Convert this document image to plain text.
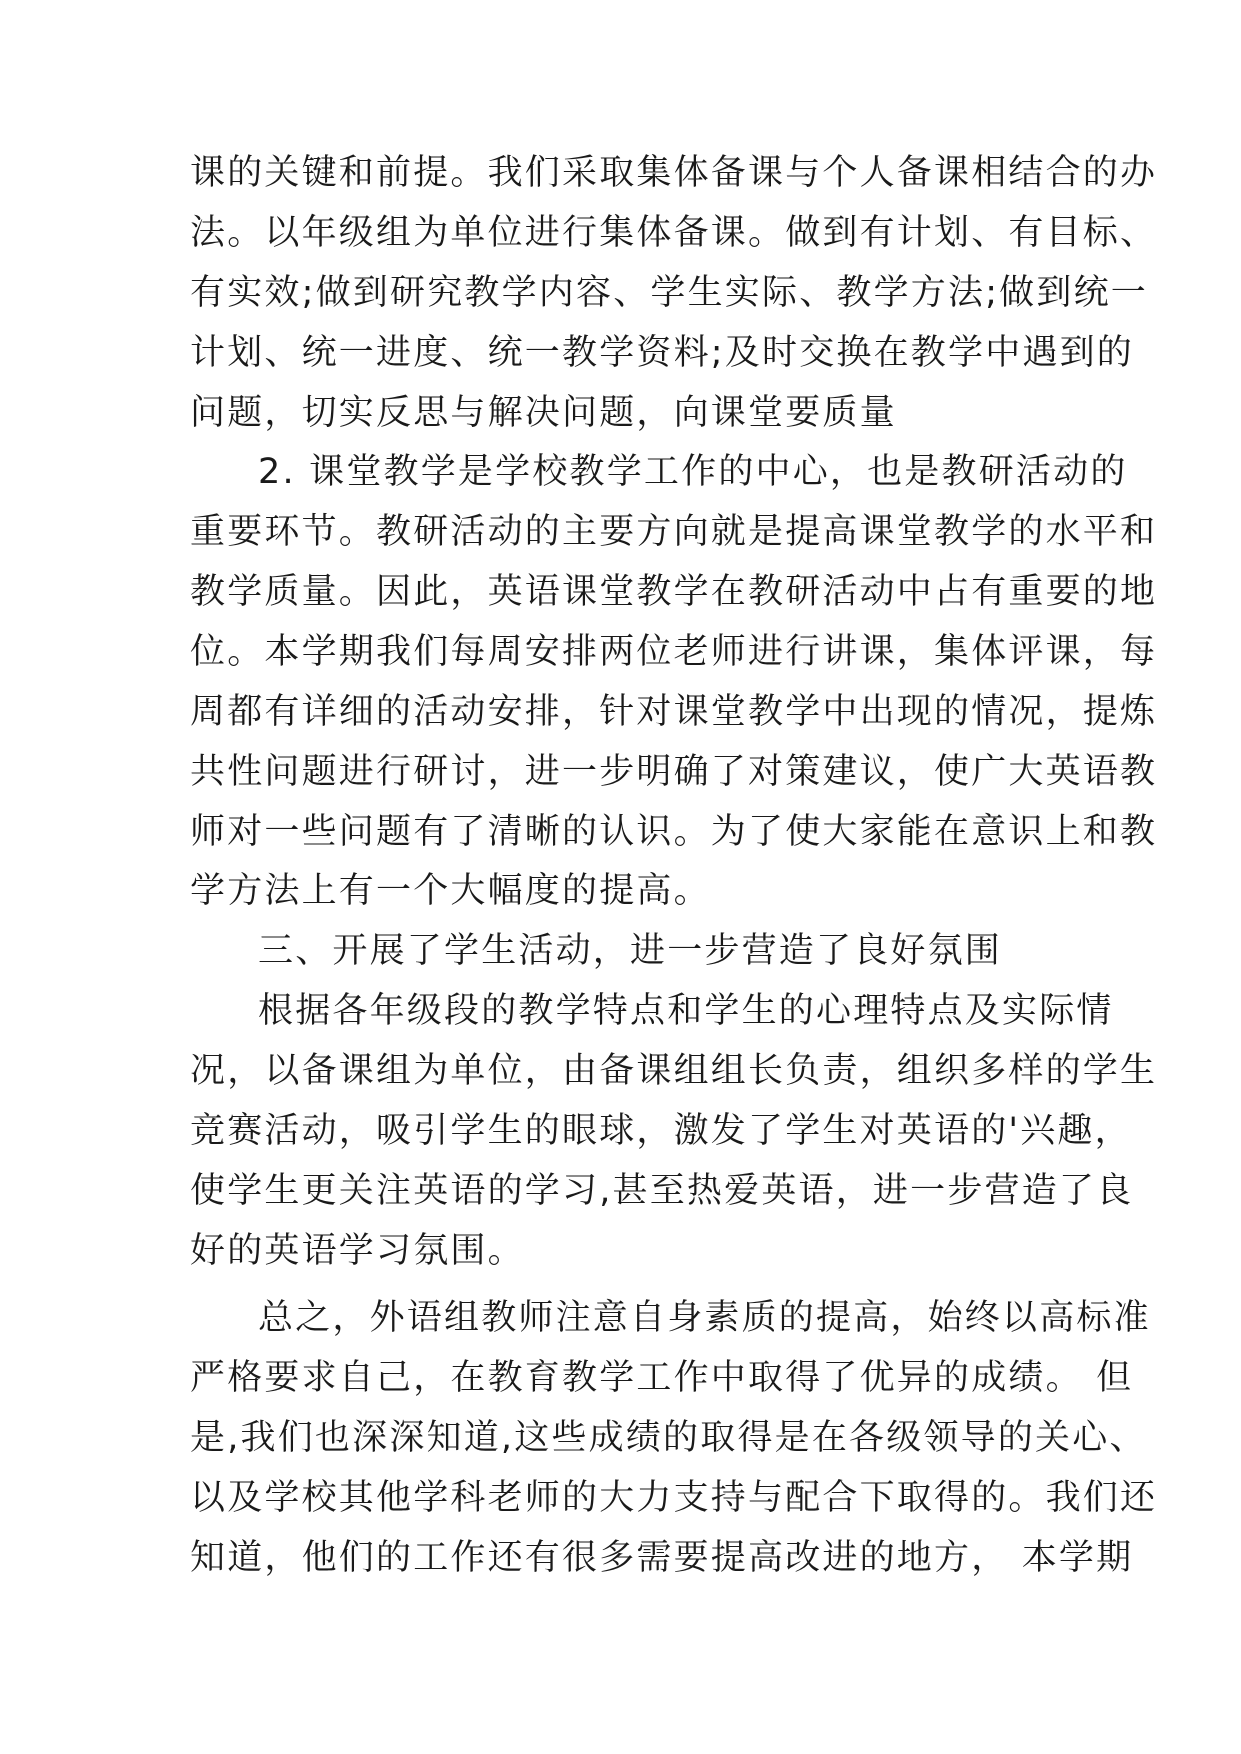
课的关键和前提。我们采取集体备课与个人备课相结合的办
法。以年级组为单位进行集体备课。做到有计划、有目标、
有实效;做到研究教学内容、学生实际、教学方法;做到统一
计划、统一进度、统一教学资料;及时交换在教学中遇到的
问题，切实反思与解决问题，向课堂要质量
2. 课堂教学是学校教学工作的中心，也是教研活动的
重要环节。教研活动的主要方向就是提高课堂教学的水平和
教学质量。因此，英语课堂教学在教研活动中占有重要的地
位。本学期我们每周安排两位老师进行讲课，集体评课，每
周都有详细的活动安排，针对课堂教学中出现的情况，提炼
共性问题进行研讨，进一步明确了对策建议，使广大英语教
师对一些问题有了清晰的认识。为了使大家能在意识上和教
学方法上有一个大幅度的提高。
三、开展了学生活动，进一步营造了良好氛围
根据各年级段的教学特点和学生的心理特点及实际情
况，以备课组为单位，由备课组组长负责，组织多样的学生
竞赛活动，吸引学生的眼球，激发了学生对英语的'兴趣，
使学生更关注英语的学习,甚至热爱英语，进一步营造了良
好的英语学习氛围。
总之，外语组教师注意自身素质的提高，始终以高标准
严格要求自己，在教育教学工作中取得了优异的成绩。 但
是,我们也深深知道,这些成绩的取得是在各级领导的关心、
以及学校其他学科老师的大力支持与配合下取得的。我们还
知道，他们的工作还有很多需要提高改进的地方， 本学期
